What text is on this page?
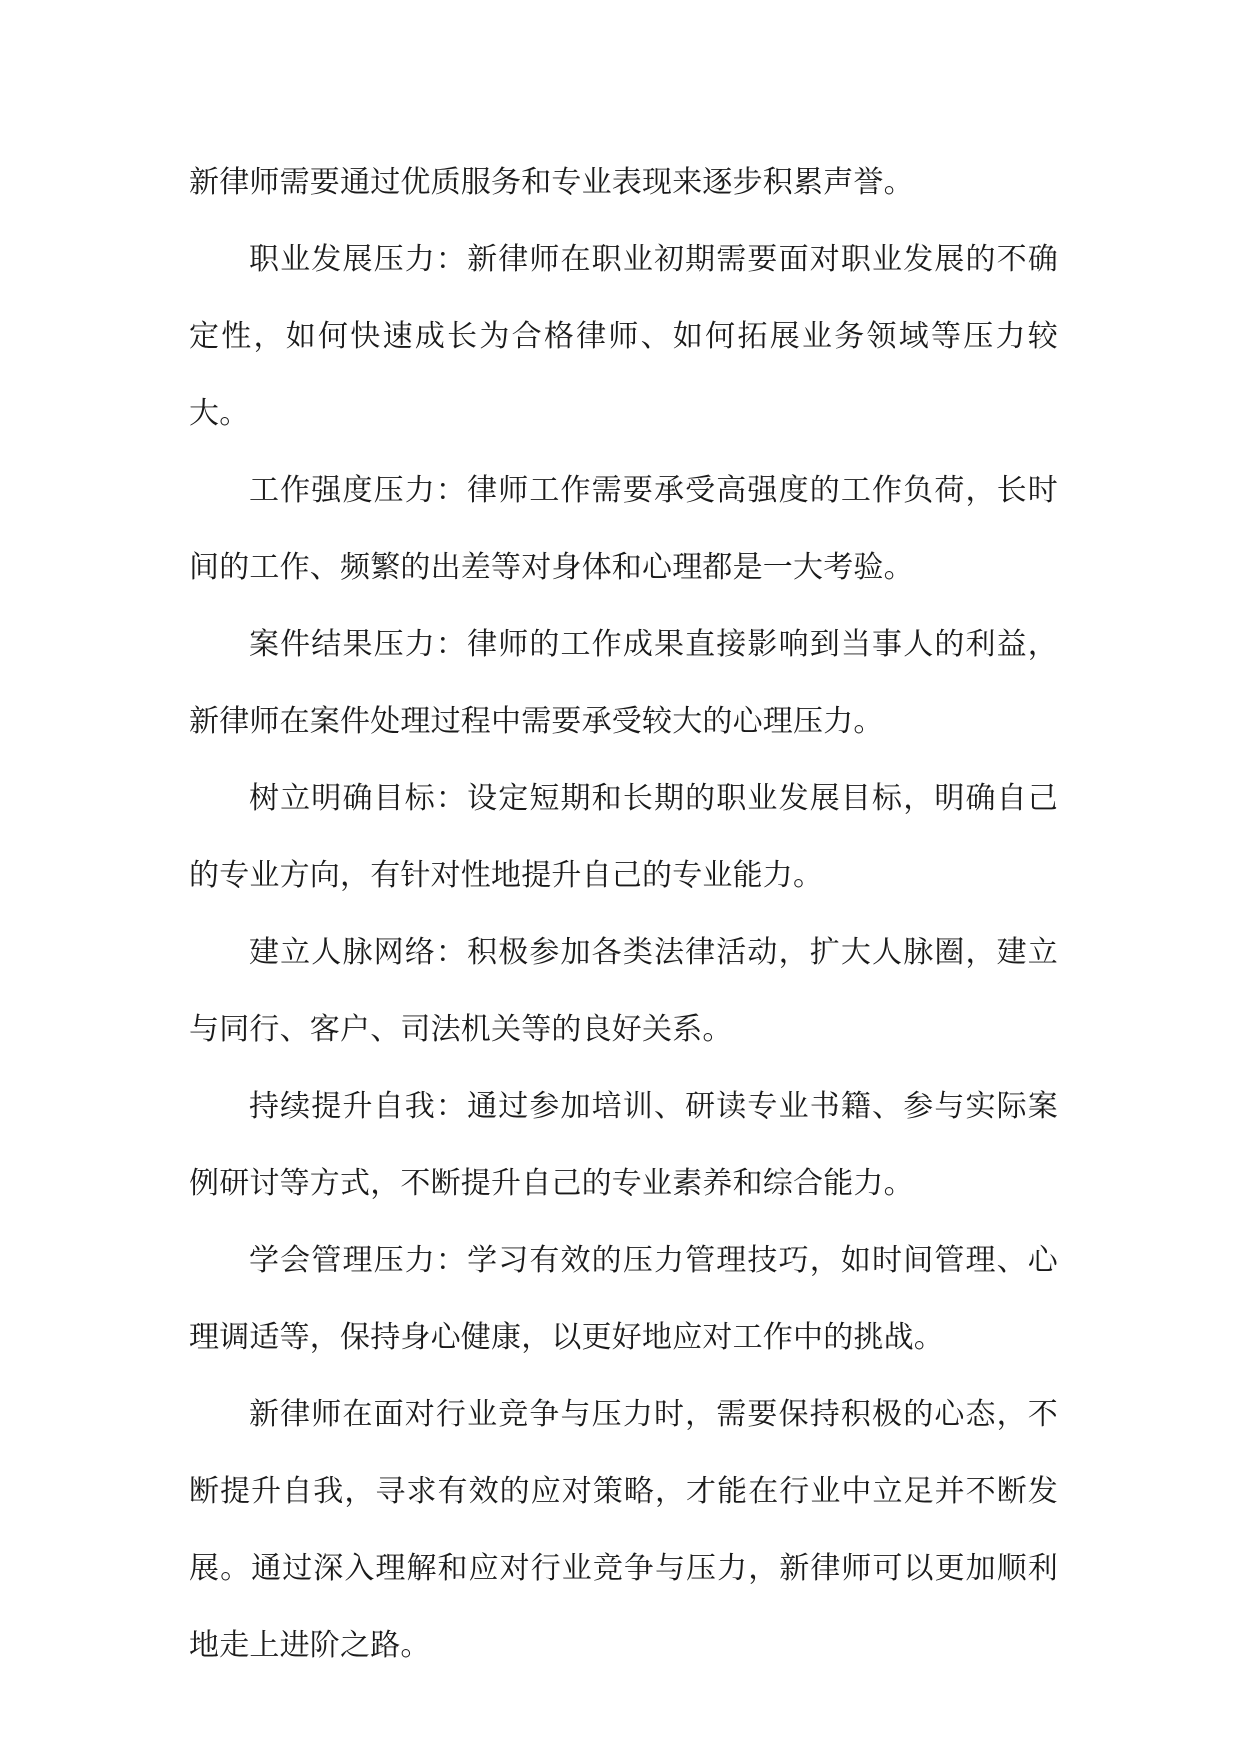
新律师需要通过优质服务和专业表现来逐步积累声誉。

职业发展压力：新律师在职业初期需要面对职业发展的不确定性，如何快速成长为合格律师、如何拓展业务领域等压力较大。

工作强度压力：律师工作需要承受高强度的工作负荷，长时间的工作、频繁的出差等对身体和心理都是一大考验。

案件结果压力：律师的工作成果直接影响到当事人的利益，新律师在案件处理过程中需要承受较大的心理压力。

树立明确目标：设定短期和长期的职业发展目标，明确自己的专业方向，有针对性地提升自己的专业能力。

建立人脉网络：积极参加各类法律活动，扩大人脉圈，建立与同行、客户、司法机关等的良好关系。

持续提升自我：通过参加培训、研读专业书籍、参与实际案例研讨等方式，不断提升自己的专业素养和综合能力。

学会管理压力：学习有效的压力管理技巧，如时间管理、心理调适等，保持身心健康，以更好地应对工作中的挑战。

新律师在面对行业竞争与压力时，需要保持积极的心态，不断提升自我，寻求有效的应对策略，才能在行业中立足并不断发展。通过深入理解和应对行业竞争与压力，新律师可以更加顺利地走上进阶之路。
